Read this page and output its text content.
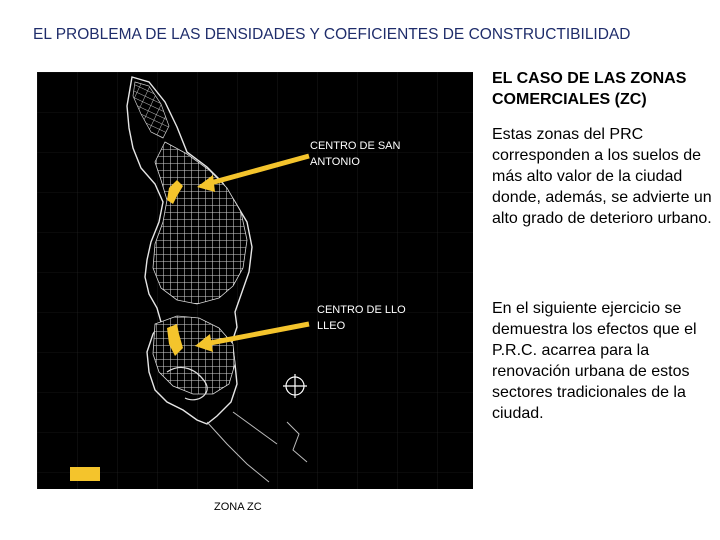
EL PROBLEMA DE LAS DENSIDADES Y COEFICIENTES DE CONSTRUCTIBILIDAD
CENTRO DE SAN ANTONIO
CENTRO DE LLO LLEO
ZONA ZC
EL CASO DE LAS ZONAS COMERCIALES (ZC)
Estas zonas del PRC corresponden a los suelos de más alto valor de la ciudad donde, además, se advierte un alto grado de deterioro urbano.
En el siguiente ejercicio se demuestra los efectos que el P.R.C. acarrea para la renovación urbana de estos sectores tradicionales de la ciudad.
